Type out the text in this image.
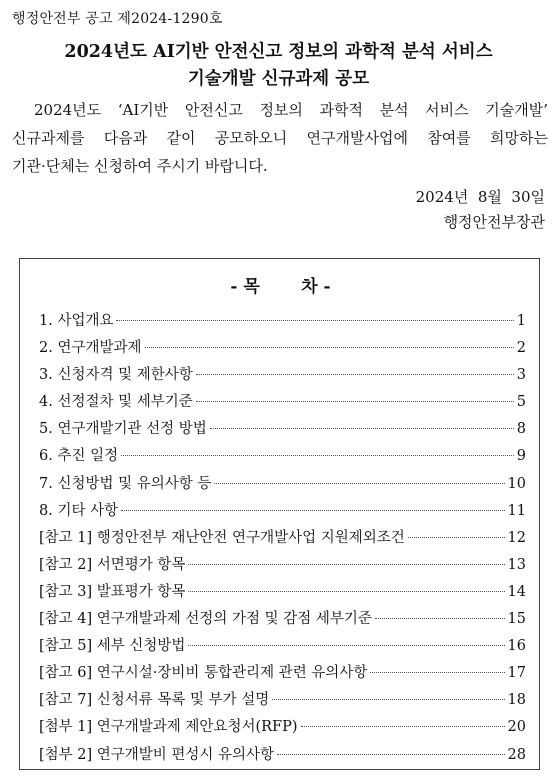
행정안전부 공고 제2024-1290호
2024년도 AI기반 안전신고 정보의 과학적 분석 서비스
기술개발 신규과제 공모
2024년도 ‘AI기반 안전신고 정보의 과학적 분석 서비스 기술개발’
신규과제를 다음과 같이 공모하오니 연구개발사업에 참여를 희망하는
기관·단체는 신청하여 주시기 바랍니다.
2024년  8월  30일
행정안전부장관
- 목       차 -
1. 사업개요	1
2. 연구개발과제	2
3. 신청자격 및 제한사항	3
4. 선정절차 및 세부기준	5
5. 연구개발기관 선정 방법	8
6. 추진 일정	9
7. 신청방법 및 유의사항 등	10
8. 기타 사항	11
[참고 1] 행정안전부 재난안전 연구개발사업 지원제외조건	12
[참고 2] 서면평가 항목	13
[참고 3] 발표평가 항목	14
[참고 4] 연구개발과제 선정의 가점 및 감점 세부기준	15
[참고 5] 세부 신청방법	16
[참고 6] 연구시설·장비비 통합관리제 관련 유의사항	17
[참고 7] 신청서류 목록 및 부가 설명	18
[첨부 1] 연구개발과제 제안요청서(RFP)	20
[첨부 2] 연구개발비 편성시 유의사항	28
